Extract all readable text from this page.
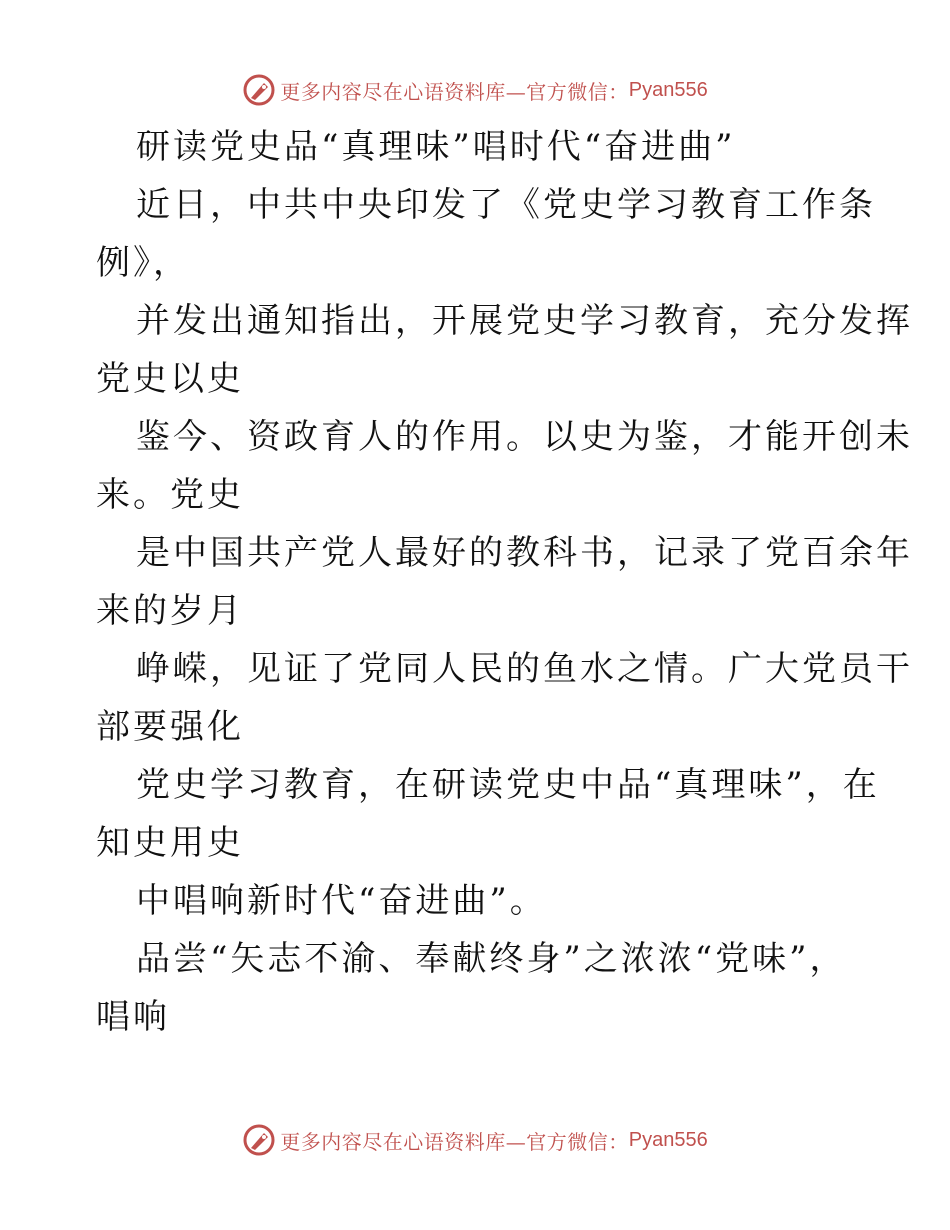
更多内容尽在心语资料库—官方微信： Pyan556
研读党史品“真理味”唱时代“奋进曲”
近日，中共中央印发了《党史学习教育工作条
例》，
并发出通知指出，开展党史学习教育，充分发挥
党史以史
鉴今、资政育人的作用。以史为鉴，才能开创未
来。党史
是中国共产党人最好的教科书，记录了党百余年
来的岁月
峥嵘，见证了党同人民的鱼水之情。广大党员干
部要强化
党史学习教育，在研读党史中品“真理味”，在
知史用史
中唱响新时代“奋进曲”。
品尝“矢志不渝、奉献终身”之浓浓“党味”，
唱响
更多内容尽在心语资料库—官方微信： Pyan556
